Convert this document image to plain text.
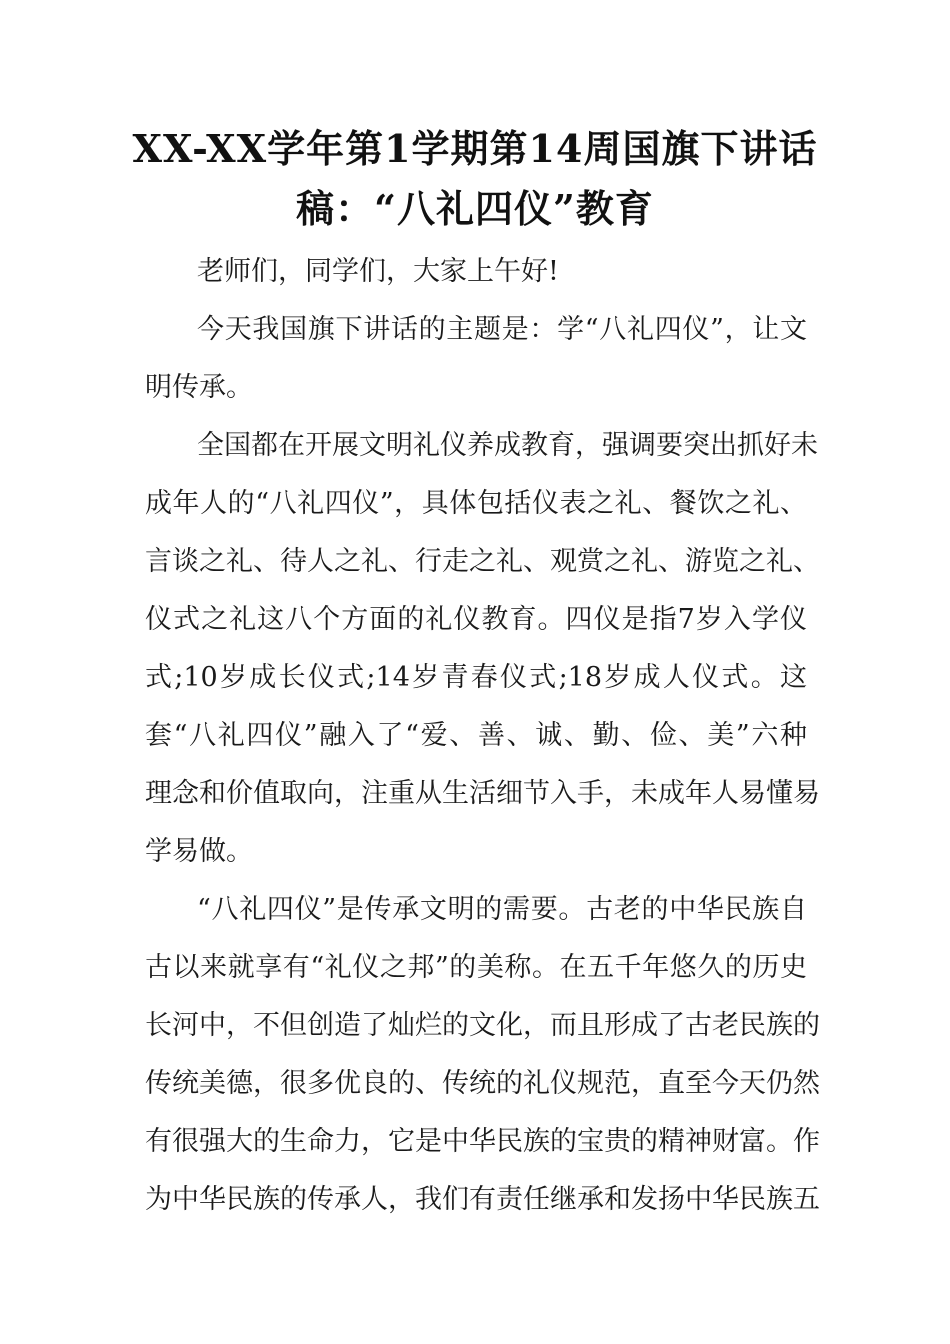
XX-XX学年第1学期第14周国旗下讲话
稿：“八礼四仪”教育
老师们，同学们，大家上午好!
今天我国旗下讲话的主题是：学“八礼四仪”，让文
明传承。
全国都在开展文明礼仪养成教育，强调要突出抓好未
成年人的“八礼四仪”，具体包括仪表之礼、餐饮之礼、
言谈之礼、待人之礼、行走之礼、观赏之礼、游览之礼、
仪式之礼这八个方面的礼仪教育。四仪是指7岁入学仪
式;10岁成长仪式;14岁青春仪式;18岁成人仪式。这
套“八礼四仪”融入了“爱、善、诚、勤、俭、美”六种
理念和价值取向，注重从生活细节入手，未成年人易懂易
学易做。
“八礼四仪”是传承文明的需要。古老的中华民族自
古以来就享有“礼仪之邦”的美称。在五千年悠久的历史
长河中，不但创造了灿烂的文化，而且形成了古老民族的
传统美德，很多优良的、传统的礼仪规范，直至今天仍然
有很强大的生命力，它是中华民族的宝贵的精神财富。作
为中华民族的传承人，我们有责任继承和发扬中华民族五
